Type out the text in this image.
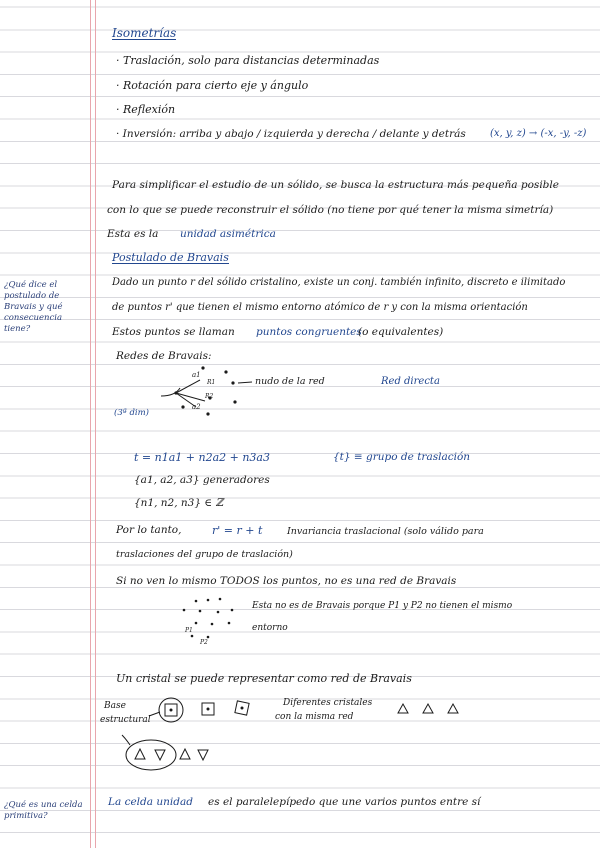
Isometrías
· Traslación, solo para distancias determinadas
· Rotación para cierto eje y ángulo
· Reflexión
· Inversión: arriba y abajo / izquierda y derecha / delante y detrás (x, y, z) → (-x, -y, -z)
Para simplificar el estudio de un sólido, se busca la estructura más pequeña posible
con lo que se puede reconstruir el sólido (no tiene por qué tener la misma simetría)
Esta es la unidad asimétrica
Postulado de Bravais
Dado un punto r del sólido cristalino, existe un conj. también infinito, discreto e ilimitado
de puntos r' que tienen el mismo entorno atómico de r y con la misma orientación
Estos puntos se llaman puntos congruentes
(o equivalentes)
Redes de Bravais:
a1
R1
R2
a2
nudo de la red	Red directa
(3ª dim)
t = n1a1 + n2a2 + n3a3	{t} ≡ grupo de traslación
{a1, a2, a3} generadores
{n1, n2, n3} ∈ ℤ
Por lo tanto,	r' = r + t	Invariancia traslacional (solo válido para
traslaciones del grupo de traslación)
Si no ven lo mismo TODOS los puntos, no es una red de Bravais
P1
P2
Esta no es de Bravais porque P1 y P2 no tienen el mismo
entorno
Un cristal se puede representar como red de Bravais
Base
estructural
Diferentes cristales
con la misma red
La celda unidad es el paralelepípedo que une varios puntos entre sí
¿Qué dice el postulado de Bravais y qué consecuencia tiene?
¿Qué es una celda primitiva?
